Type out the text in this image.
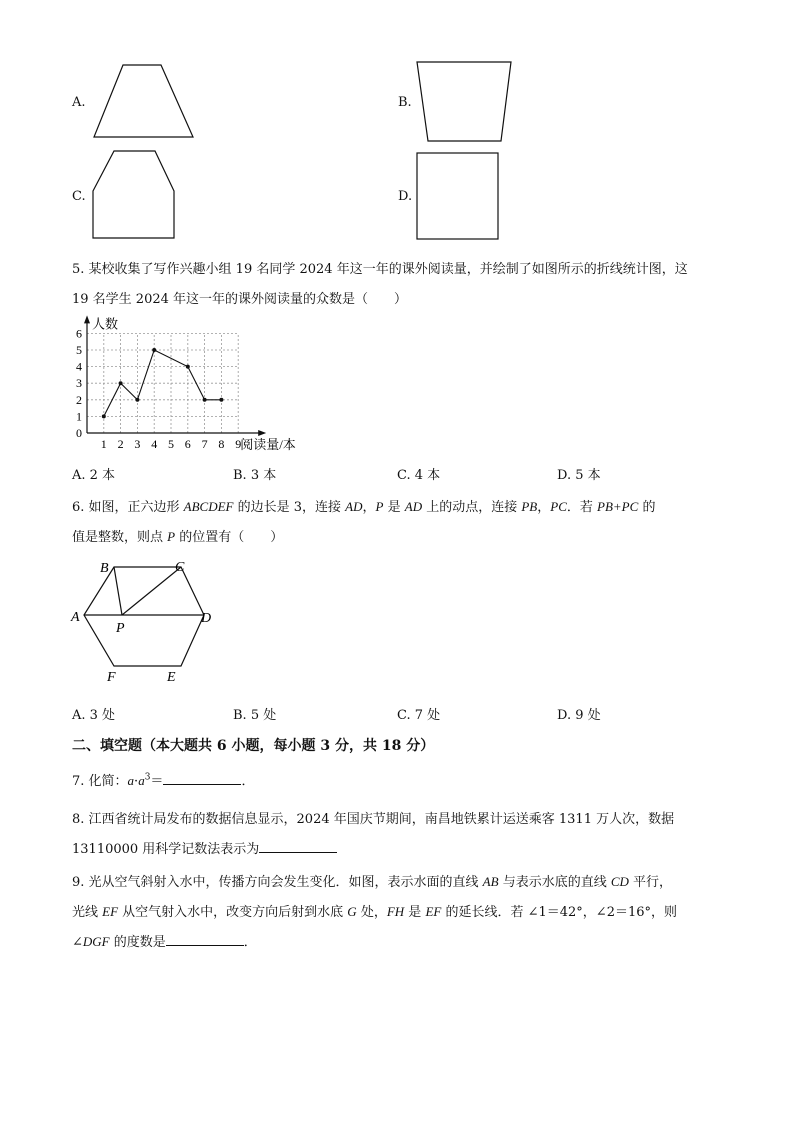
A.	B.
C.	D.
5. 某校收集了写作兴趣小组 19 名同学 2024 年这一年的课外阅读量，并绘制了如图所示的折线统计图，这
19 名学生 2024 年这一年的课外阅读量的众数是（　　）
1 2 3 4 5 6 7 8 9
0
1
2
3
4
5
6
人数
阅读量/本
A. 2 本	B. 3 本	C. 4 本	D. 5 本
6. 如图，正六边形 ABCDEF 的边长是 3，连接 AD，P 是 AD 上的动点，连接 PB，PC．若 PB+PC 的
值是整数，则点 P 的位置有（　　）
B	C
A	D
P
F	E
A. 3 处	B. 5 处	C. 7 处	D. 9 处
二、填空题（本大题共 6 小题，每小题 3 分，共 18 分）
7. 化简：$a\cdot a^3=$	．
8. 江西省统计局发布的数据信息显示，2024 年国庆节期间，南昌地铁累计运送乘客 1311 万人次，数据
13110000 用科学记数法表示为
9. 光从空气斜射入水中，传播方向会发生变化．如图，表示水面的直线 AB 与表示水底的直线 CD 平行，
光线 EF 从空气射入水中，改变方向后射到水底 G 处，FH 是 EF 的延长线．若 ∠1＝42°，∠2＝16°，则
∠DGF 的度数是	．
